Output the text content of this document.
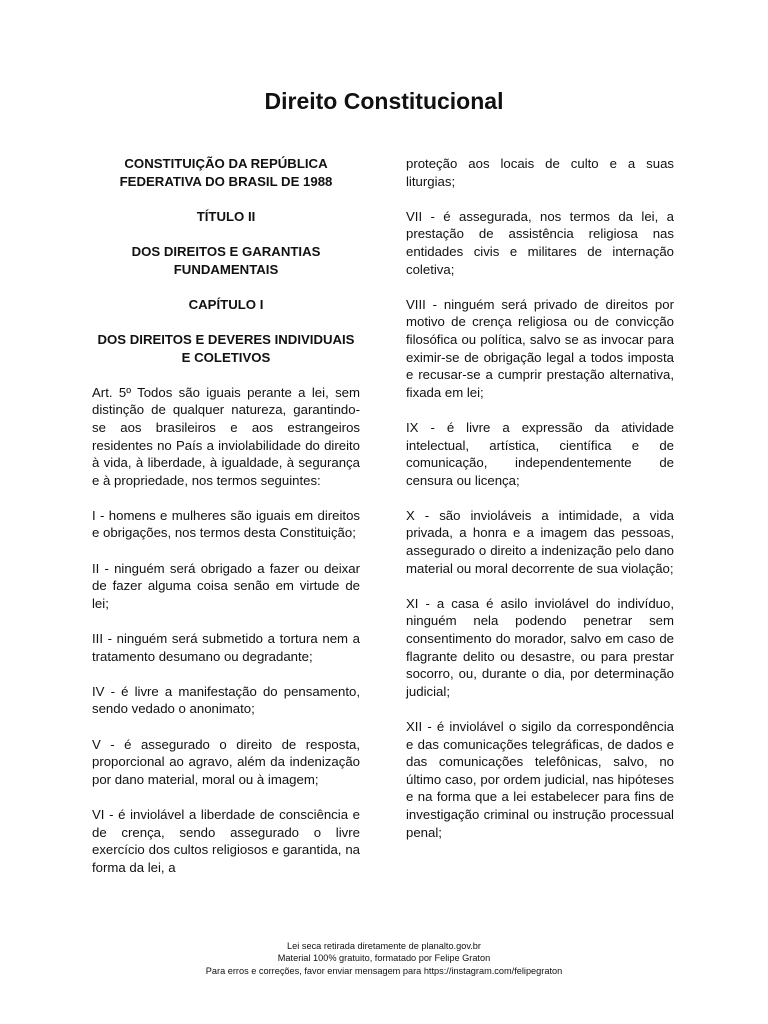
Direito Constitucional

CONSTITUIÇÃO DA REPÚBLICA FEDERATIVA DO BRASIL DE 1988

TÍTULO II

DOS DIREITOS E GARANTIAS FUNDAMENTAIS

CAPÍTULO I

DOS DIREITOS E DEVERES INDIVIDUAIS E COLETIVOS

Art. 5º Todos são iguais perante a lei, sem distinção de qualquer natureza, garantindo-se aos brasileiros e aos estrangeiros residentes no País a inviolabilidade do direito à vida, à liberdade, à igualdade, à segurança e à propriedade, nos termos seguintes:

I - homens e mulheres são iguais em direitos e obrigações, nos termos desta Constituição;

II - ninguém será obrigado a fazer ou deixar de fazer alguma coisa senão em virtude de lei;

III - ninguém será submetido a tortura nem a tratamento desumano ou degradante;

IV - é livre a manifestação do pensamento, sendo vedado o anonimato;

V - é assegurado o direito de resposta, proporcional ao agravo, além da indenização por dano material, moral ou à imagem;

VI - é inviolável a liberdade de consciência e de crença, sendo assegurado o livre exercício dos cultos religiosos e garantida, na forma da lei, a

proteção aos locais de culto e a suas liturgias;

VII - é assegurada, nos termos da lei, a prestação de assistência religiosa nas entidades civis e militares de internação coletiva;

VIII - ninguém será privado de direitos por motivo de crença religiosa ou de convicção filosófica ou política, salvo se as invocar para eximir-se de obrigação legal a todos imposta e recusar-se a cumprir prestação alternativa, fixada em lei;

IX - é livre a expressão da atividade intelectual, artística, científica e de comunicação, independentemente de censura ou licença;

X - são invioláveis a intimidade, a vida privada, a honra e a imagem das pessoas, assegurado o direito a indenização pelo dano material ou moral decorrente de sua violação;

XI - a casa é asilo inviolável do indivíduo, ninguém nela podendo penetrar sem consentimento do morador, salvo em caso de flagrante delito ou desastre, ou para prestar socorro, ou, durante o dia, por determinação judicial;

XII - é inviolável o sigilo da correspondência e das comunicações telegráficas, de dados e das comunicações telefônicas, salvo, no último caso, por ordem judicial, nas hipóteses e na forma que a lei estabelecer para fins de investigação criminal ou instrução processual penal;

Lei seca retirada diretamente de planalto.gov.br
Material 100% gratuito, formatado por Felipe Graton
Para erros e correções, favor enviar mensagem para https://instagram.com/felipegraton
